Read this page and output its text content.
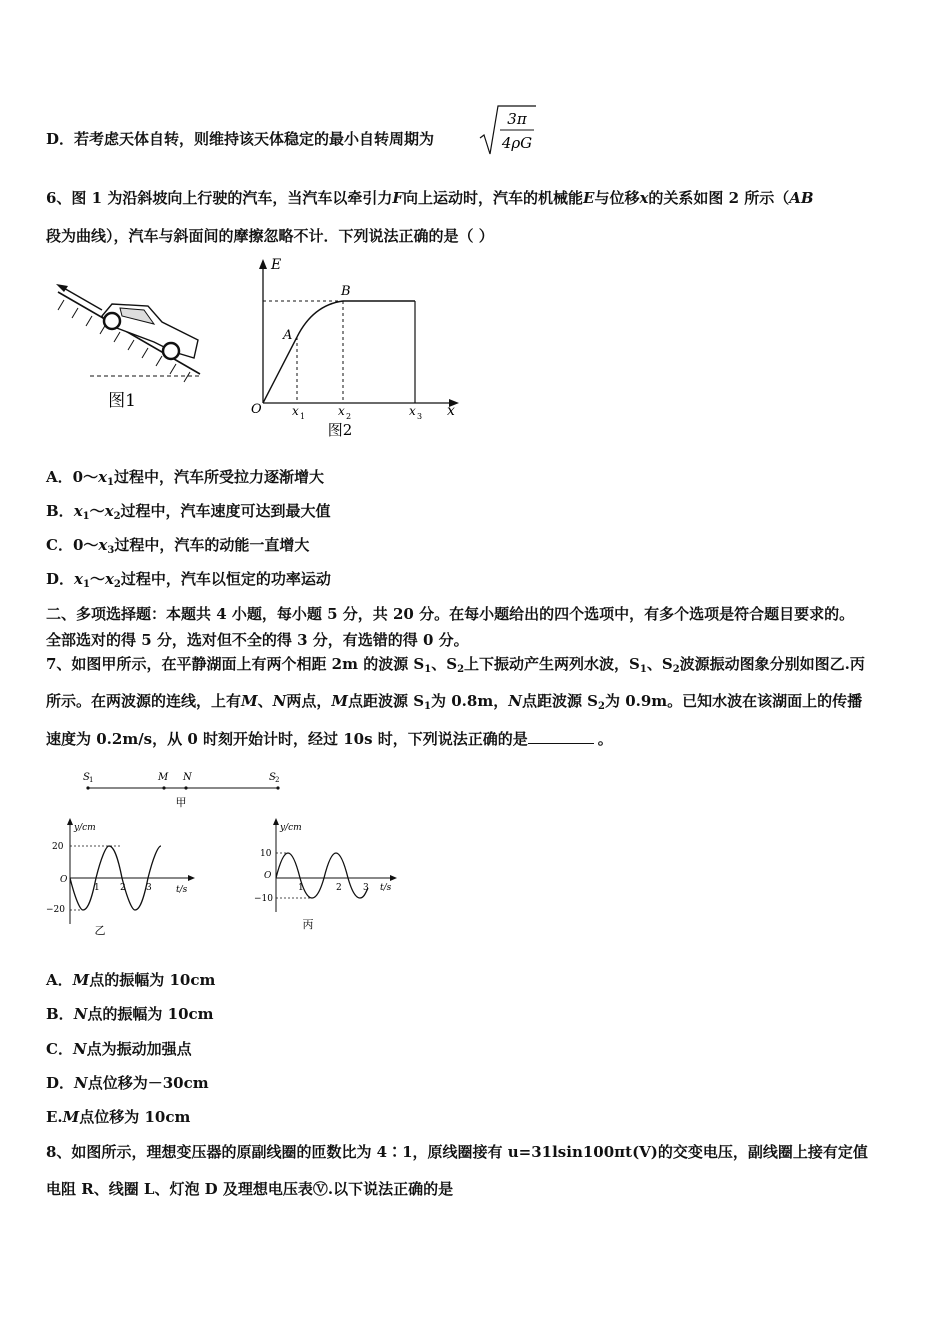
D．若考虑天体自转，则维持该天体稳定的最小自转周期为
3π
4ρG
6、图 1 为沿斜坡向上行驶的汽车，当汽车以牵引力F向上运动时，汽车的机械能E与位移x的关系如图 2 所示（AB
段为曲线），汽车与斜面间的摩擦忽略不计．下列说法正确的是（ ）
图1
E
x
O
A
B
x 1	x 2	x 3
图2
A．$0\sim x_1$过程中，汽车所受拉力逐渐增大
B．$x_1\sim x_2$过程中，汽车速度可达到最大值
C．$0\sim x_3$过程中，汽车的动能一直增大
D．$x_1\sim x_2$过程中，汽车以恒定的功率运动
二、多项选择题：本题共 4 小题，每小题 5 分，共 20 分。在每小题给出的四个选项中，有多个选项是符合题目要求的。
全部选对的得 5 分，选对但不全的得 3 分，有选错的得 0 分。
7、如图甲所示，在平静湖面上有两个相距 2m 的波源 $S_1$、$S_2$上下振动产生两列水波，$S_1$、$S_2$波源振动图象分别如图乙.丙
所示。在两波源的连线，上有M、N两点，M点距波源 $S_1$为 0.8m，N点距波源 $S_2$为 0.9m。已知水波在该湖面上的传播
速度为 0.2m/s，从 0 时刻开始计时，经过 10s 时，下列说法正确的是	。
S 1	M N	S 2
甲
y/cm
t/s
O
20
−20
1 2 3
乙
y/cm
t/s
O
10
−10
1	2 3
丙
A．M点的振幅为 10cm
B．N点的振幅为 10cm
C．N点为振动加强点
D．N点位移为－30cm
E.M点位移为 10cm
8、如图所示，理想变压器的原副线圈的匝数比为 4∶1，原线圈接有 u=31lsin100πt(V)的交变电压，副线圈上接有定值
电阻 R、线圈 L、灯泡 D 及理想电压表Ⓥ.以下说法正确的是
